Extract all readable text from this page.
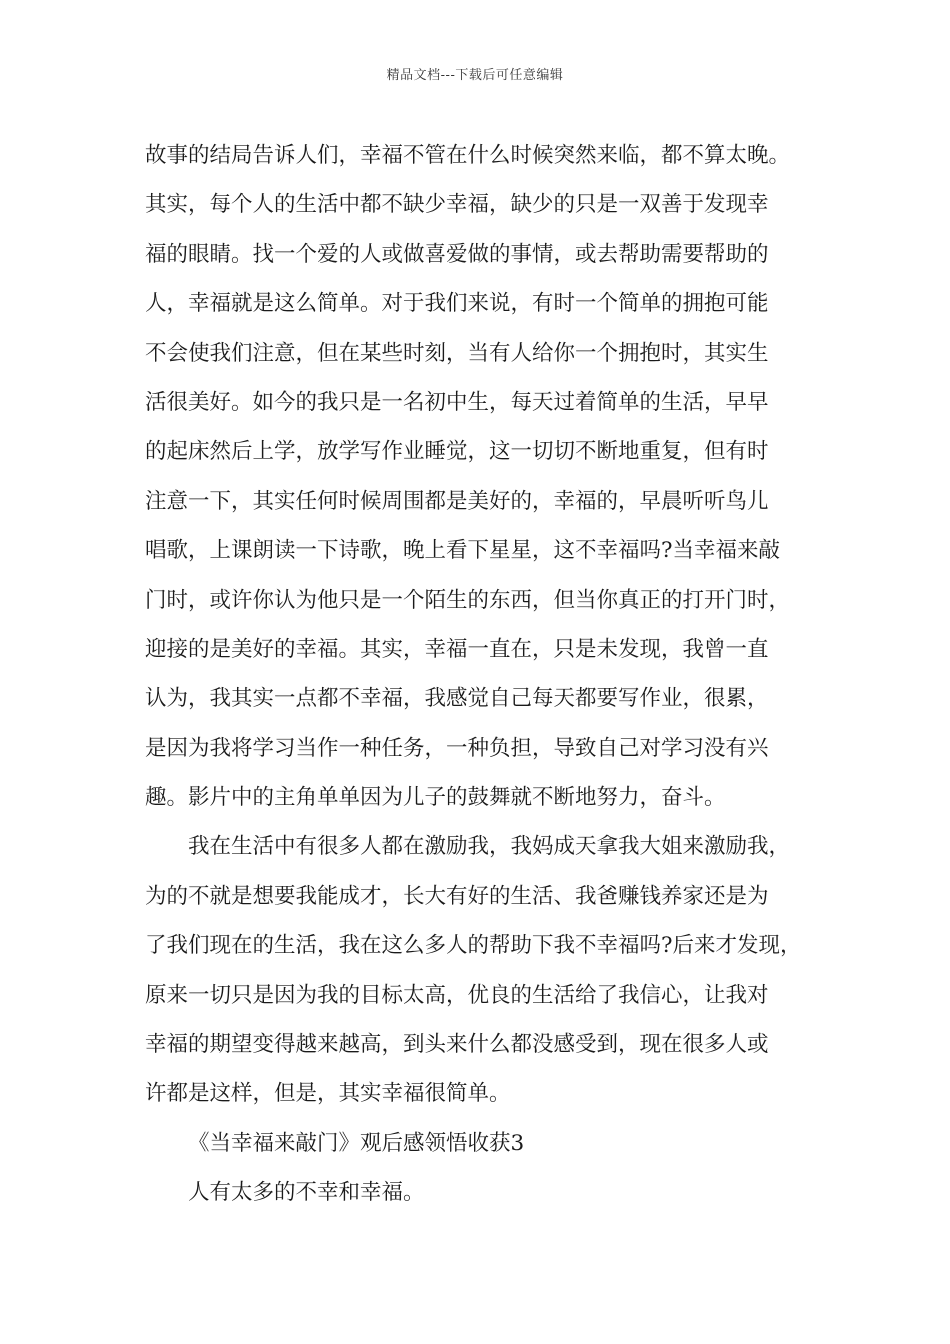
精品文档---下载后可任意编辑
故事的结局告诉人们，幸福不管在什么时候突然来临，都不算太晚。
其实，每个人的生活中都不缺少幸福，缺少的只是一双善于发现幸
福的眼睛。找一个爱的人或做喜爱做的事情，或去帮助需要帮助的
人，幸福就是这么简单。对于我们来说，有时一个简单的拥抱可能
不会使我们注意，但在某些时刻，当有人给你一个拥抱时，其实生
活很美好。如今的我只是一名初中生，每天过着简单的生活，早早
的起床然后上学，放学写作业睡觉，这一切切不断地重复，但有时
注意一下，其实任何时候周围都是美好的，幸福的，早晨听听鸟儿
唱歌，上课朗读一下诗歌，晚上看下星星，这不幸福吗?当幸福来敲
门时，或许你认为他只是一个陌生的东西，但当你真正的打开门时，
迎接的是美好的幸福。其实，幸福一直在，只是未发现，我曾一直
认为，我其实一点都不幸福，我感觉自己每天都要写作业，很累，
是因为我将学习当作一种任务，一种负担，导致自己对学习没有兴
趣。影片中的主角单单因为儿子的鼓舞就不断地努力，奋斗。
我在生活中有很多人都在激励我，我妈成天拿我大姐来激励我，
为的不就是想要我能成才，长大有好的生活、我爸赚钱养家还是为
了我们现在的生活，我在这么多人的帮助下我不幸福吗?后来才发现，
原来一切只是因为我的目标太高，优良的生活给了我信心，让我对
幸福的期望变得越来越高，到头来什么都没感受到，现在很多人或
许都是这样，但是，其实幸福很简单。
《当幸福来敲门》观后感领悟收获3
人有太多的不幸和幸福。
